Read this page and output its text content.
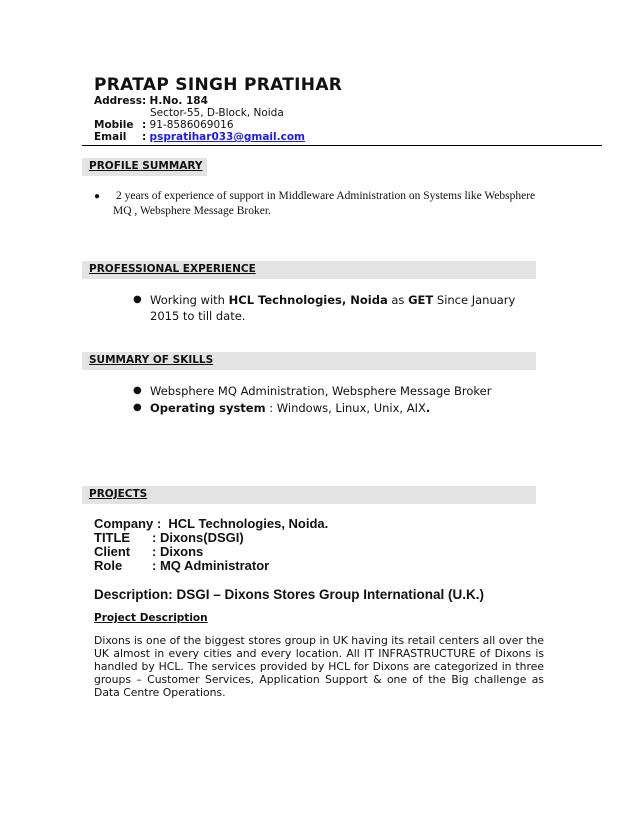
PRATAP SINGH PRATIHAR
Address: H.No. 184
Sector-55, D-Block, Noida
Mobile : 91-8586069016
Email : pspratihar033@gmail.com
PROFILE SUMMARY
● 2 years of experience of support in Middleware Administration on Systems like Websphere MQ , Websphere Message Broker.
PROFESSIONAL EXPERIENCE
● Working with HCL Technologies, Noida as GET Since January 2015 to till date.
SUMMARY OF SKILLS
● Websphere MQ Administration, Websphere Message Broker
● Operating system : Windows, Linux, Unix, AIX.
PROJECTS
Company : HCL Technologies, Noida.
TITLE : Dixons(DSGI)
Client : Dixons
Role : MQ Administrator
Description: DSGI – Dixons Stores Group International (U.K.)
Project Description
Dixons is one of the biggest stores group in UK having its retail centers all over the UK almost in every cities and every location. All IT INFRASTRUCTURE of Dixons is handled by HCL. The services provided by HCL for Dixons are categorized in three groups – Customer Services, Application Support & one of the Big challenge as Data Centre Operations.
